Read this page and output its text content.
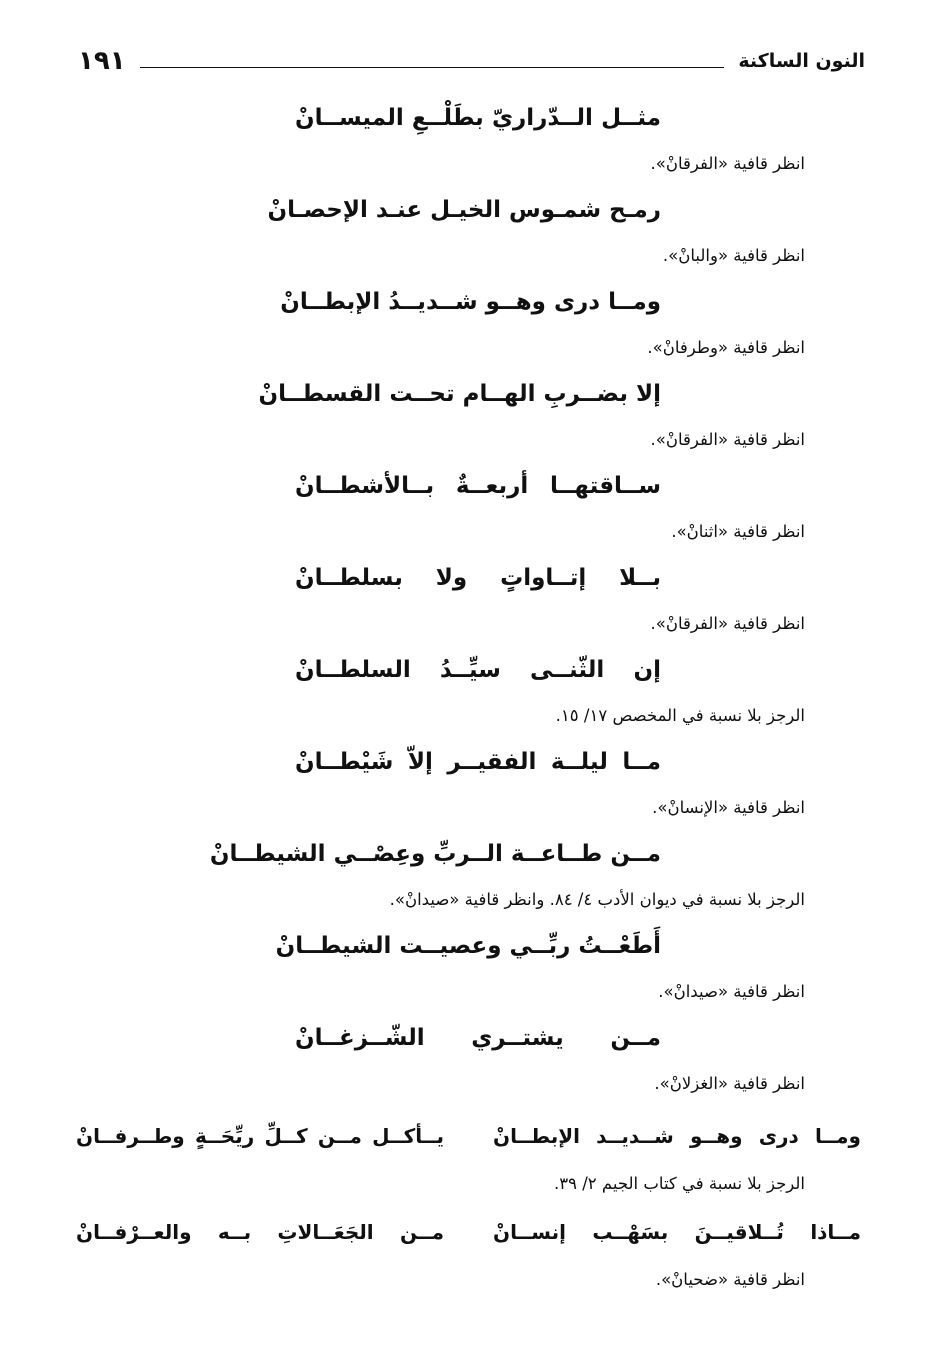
النون الساكنة
١٩١
مثــل الــدّراريّ بطَلْــعِ الميســانْ
انظر قافية «الفرقانْ».
رمـح شمـوس الخيـل عنـد الإحصـانْ
انظر قافية «والبانْ».
ومــا درى وهــو شــديــدُ الإبطــانْ
انظر قافية «وطرفانْ».
إلا بضــربِ الهــام تحــت القسطــانْ
انظر قافية «الفرقانْ».
ســاقتهــا أربعــةٌ بــالأشطــانْ
انظر قافية «اثنانْ».
بــلا إتــاواتٍ ولا بسلطــانْ
انظر قافية «الفرقانْ».
إن الثّنــى سيِّــدُ السلطــانْ
الرجز بلا نسبة في المخصص ١٧/ ١٥.
مــا ليلــة الفقيــر إلاّ شَيْطــانْ
انظر قافية «الإنسانْ».
مــن طــاعــة الــربِّ وعِصْــي الشيطــانْ
الرجز بلا نسبة في ديوان الأدب ٤/ ٨٤. وانظر قافية «صيدانْ».
أَطَعْــتُ ربِّــي وعصيــت الشيطــانْ
انظر قافية «صيدانْ».
مــن يشتــري الشّــزغــانْ
انظر قافية «الغزلانْ».
ومــا درى وهــو شــديــد الإبطــانْ
يــأكــل مــن كــلِّ ريِّحَــةٍ وطــرفــانْ
الرجز بلا نسبة في كتاب الجيم ٢/ ٣٩.
مــاذا تُــلاقيــنَ بسَهْــب إنســانْ
مــن الجَعَــالاتِ بــه والعــرْفــانْ
انظر قافية «ضحيانْ».
